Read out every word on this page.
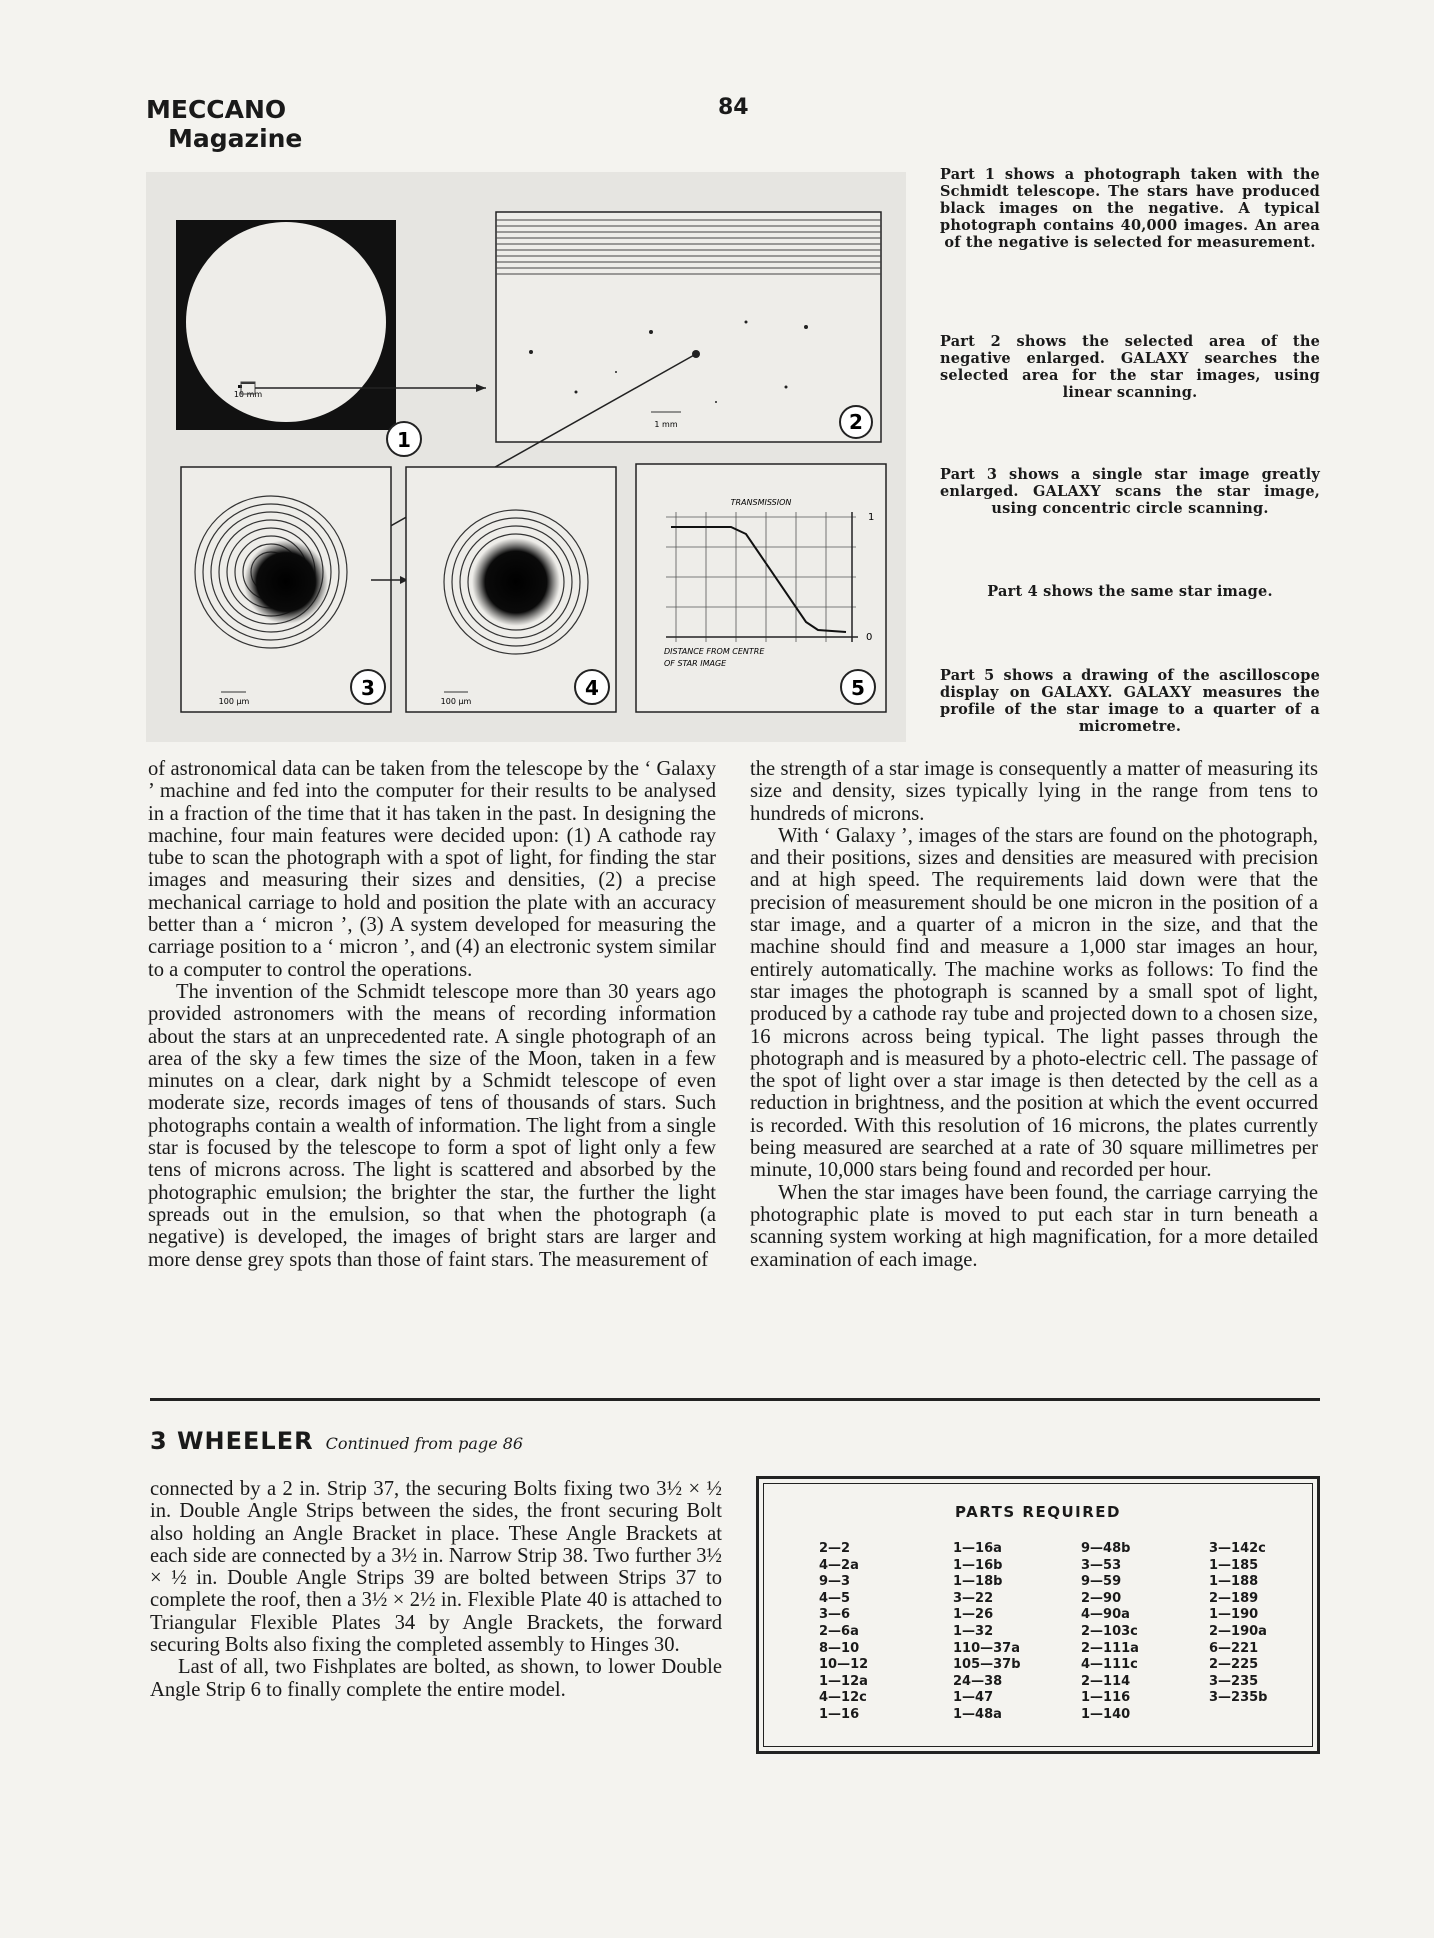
MECCANO
Magazine
84
10 mm
1 mm	2
1
100 µm
3
100 µm
4
TRANSMISSION
1
0
DISTANCE FROM CENTRE
OF STAR IMAGE
5
Part 1 shows a photograph taken with the Schmidt telescope. The stars have produced black images on the negative. A typical photograph contains 40,000 images. An area of the negative is selected for measurement.
Part 2 shows the selected area of the negative enlarged. GALAXY searches the selected area for the star images, using linear scanning.
Part 3 shows a single star image greatly enlarged. GALAXY scans the star image, using concentric circle scanning.
Part 4 shows the same star image.
Part 5 shows a drawing of the ascilloscope display on GALAXY. GALAXY measures the profile of the star image to a quarter of a micrometre.

of astronomical data can be taken from the telescope by the ‘ Galaxy ’ machine and fed into the computer for their results to be analysed in a fraction of the time that it has taken in the past. In designing the machine, four main features were decided upon: (1) A cathode ray tube to scan the photograph with a spot of light, for finding the star images and measuring their sizes and densities, (2) a precise mechanical carriage to hold and position the plate with an accuracy better than a ‘ micron ’, (3) A system developed for measuring the carriage position to a ‘ micron ’, and (4) an electronic system similar to a computer to control the operations.

The invention of the Schmidt telescope more than 30 years ago provided astronomers with the means of recording information about the stars at an unprecedented rate. A single photograph of an area of the sky a few times the size of the Moon, taken in a few minutes on a clear, dark night by a Schmidt telescope of even moderate size, records images of tens of thousands of stars. Such photographs contain a wealth of information. The light from a single star is focused by the telescope to form a spot of light only a few tens of microns across. The light is scattered and absorbed by the photographic emulsion; the brighter the star, the further the light spreads out in the emulsion, so that when the photograph (a negative) is developed, the images of bright stars are larger and more dense grey spots than those of faint stars. The measurement of

the strength of a star image is consequently a matter of measuring its size and density, sizes typically lying in the range from tens to hundreds of microns.

With ‘ Galaxy ’, images of the stars are found on the photograph, and their positions, sizes and densities are measured with precision and at high speed. The requirements laid down were that the precision of measurement should be one micron in the position of a star image, and a quarter of a micron in the size, and that the machine should find and measure a 1,000 star images an hour, entirely automatically. The machine works as follows: To find the star images the photograph is scanned by a small spot of light, produced by a cathode ray tube and projected down to a chosen size, 16 microns across being typical. The light passes through the photograph and is measured by a photo-electric cell. The passage of the spot of light over a star image is then detected by the cell as a reduction in brightness, and the position at which the event occurred is recorded. With this resolution of 16 microns, the plates currently being measured are searched at a rate of 30 square millimetres per minute, 10,000 stars being found and recorded per hour.

When the star images have been found, the carriage carrying the photographic plate is moved to put each star in turn beneath a scanning system working at high magnification, for a more detailed examination of each image.

3 WHEELER Continued from page 86

connected by a 2 in. Strip 37, the securing Bolts fixing two 3½ × ½ in. Double Angle Strips between the sides, the front securing Bolt also holding an Angle Bracket in place. These Angle Brackets at each side are connected by a 3½ in. Narrow Strip 38. Two further 3½ × ½ in. Double Angle Strips 39 are bolted between Strips 37 to complete the roof, then a 3½ × 2½ in. Flexible Plate 40 is attached to Triangular Flexible Plates 34 by Angle Brackets, the forward securing Bolts also fixing the completed assembly to Hinges 30.

Last of all, two Fishplates are bolted, as shown, to lower Double Angle Strip 6 to finally complete the entire model.

PARTS REQUIRED
2—2
4—2a
9—3
4—5
3—6
2—6a
8—10
10—12
1—12a
4—12c
1—16
1—16a
1—16b
1—18b
3—22
1—26
1—32
110—37a
105—37b
24—38
1—47
1—48a
9—48b
3—53
9—59
2—90
4—90a
2—103c
2—111a
4—111c
2—114
1—116
1—140
3—142c
1—185
1—188
2—189
1—190
2—190a
6—221
2—225
3—235
3—235b
